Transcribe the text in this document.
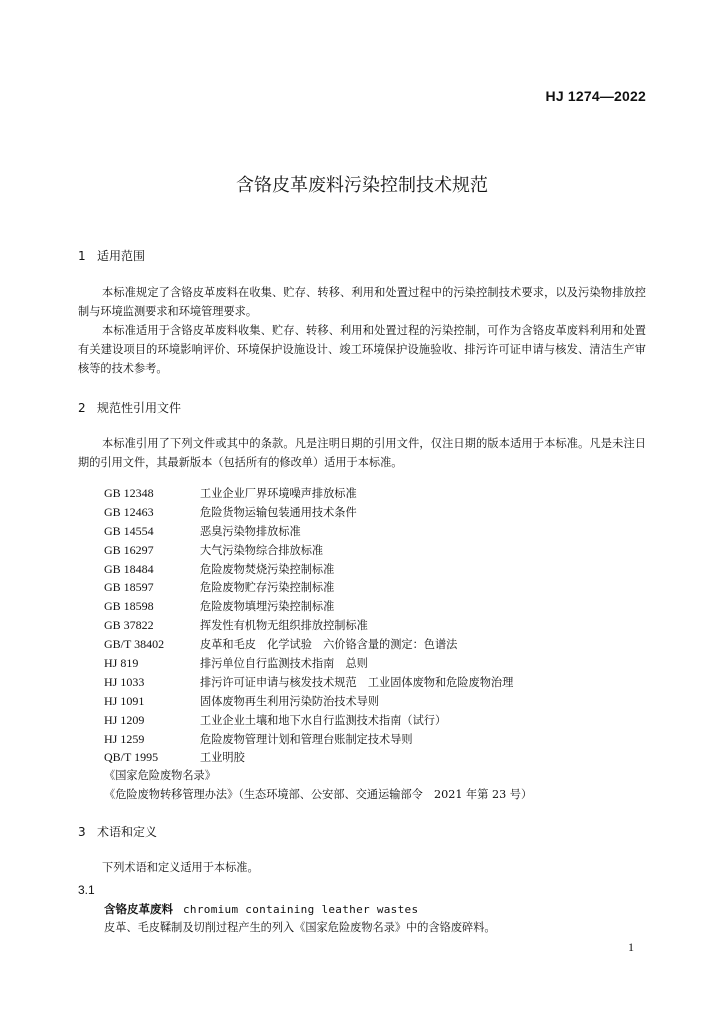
HJ 1274—2022
含铬皮革废料污染控制技术规范
1 适用范围

本标准规定了含铬皮革废料在收集、贮存、转移、利用和处置过程中的污染控制技术要求，以及污染物排放控制与环境监测要求和环境管理要求。

本标准适用于含铬皮革废料收集、贮存、转移、利用和处置过程的污染控制，可作为含铬皮革废料利用和处置有关建设项目的环境影响评价、环境保护设施设计、竣工环境保护设施验收、排污许可证申请与核发、清洁生产审核等的技术参考。

2 规范性引用文件

本标准引用了下列文件或其中的条款。凡是注明日期的引用文件，仅注日期的版本适用于本标准。凡是未注日期的引用文件，其最新版本（包括所有的修改单）适用于本标准。

GB 12348	工业企业厂界环境噪声排放标准
GB 12463	危险货物运输包装通用技术条件
GB 14554	恶臭污染物排放标准
GB 16297	大气污染物综合排放标准
GB 18484	危险废物焚烧污染控制标准
GB 18597	危险废物贮存污染控制标准
GB 18598	危险废物填埋污染控制标准
GB 37822	挥发性有机物无组织排放控制标准
GB/T 38402	皮革和毛皮　化学试验　六价铬含量的测定：色谱法
HJ 819	排污单位自行监测技术指南　总则
HJ 1033	排污许可证申请与核发技术规范　工业固体废物和危险废物治理
HJ 1091	固体废物再生利用污染防治技术导则
HJ 1209	工业企业土壤和地下水自行监测技术指南（试行）
HJ 1259	危险废物管理计划和管理台账制定技术导则
QB/T 1995	工业明胶
《国家危险废物名录》
《危险废物转移管理办法》（生态环境部、公安部、交通运输部令　2021 年第 23 号）
3 术语和定义

下列术语和定义适用于本标准。

3.1
含铬皮革废料 chromium containing leather wastes
皮革、毛皮鞣制及切削过程产生的列入《国家危险废物名录》中的含铬废碎料。
1
